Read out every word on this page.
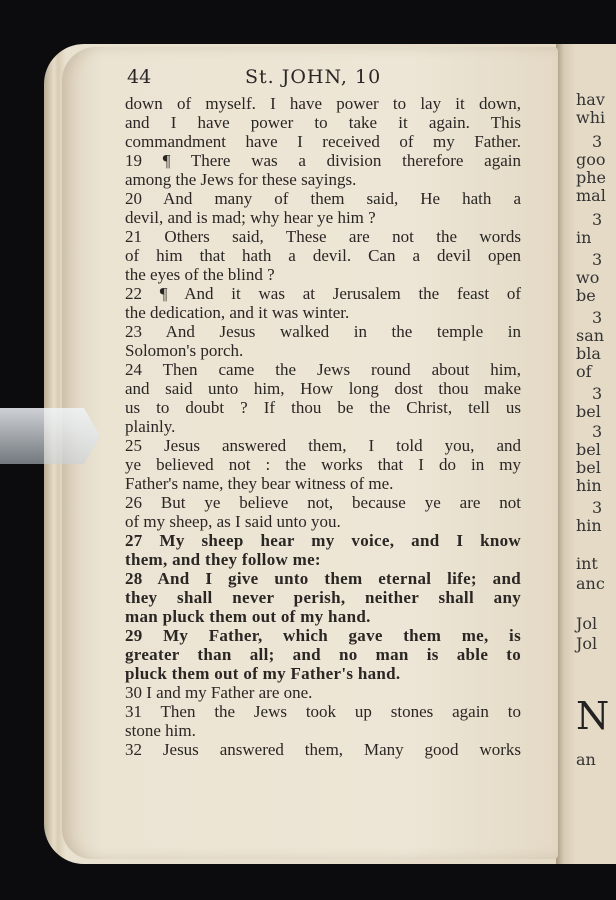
hav
whi
3
goo
phe
mal
3
in
3
wo
be
3
san
bla
of
3
bel
3
bel
bel
hin
3
hin
int
anc
Jol
Jol
N
an
44	St. JOHN, 10
down of myself. I have power to lay it down,
and I have power to take it again. This
commandment have I received of my Father.
19 ¶ There was a division therefore again
among the Jews for these sayings.
20 And many of them said, He hath a
devil, and is mad; why hear ye him ?
21 Others said, These are not the words
of him that hath a devil. Can a devil open
the eyes of the blind ?
22 ¶ And it was at Jerusalem the feast of
the dedication, and it was winter.
23 And Jesus walked in the temple in
Solomon's porch.
24 Then came the Jews round about him,
and said unto him, How long dost thou make
us to doubt ? If thou be the Christ, tell us
plainly.
25 Jesus answered them, I told you, and
ye believed not : the works that I do in my
Father's name, they bear witness of me.
26 But ye believe not, because ye are not
of my sheep, as I said unto you.
27 My sheep hear my voice, and I know
them, and they follow me:
28 And I give unto them eternal life; and
they shall never perish, neither shall any
man pluck them out of my hand.
29 My Father, which gave them me, is
greater than all; and no man is able to
pluck them out of my Father's hand.
30 I and my Father are one.
31 Then the Jews took up stones again to
stone him.
32 Jesus answered them, Many good works
